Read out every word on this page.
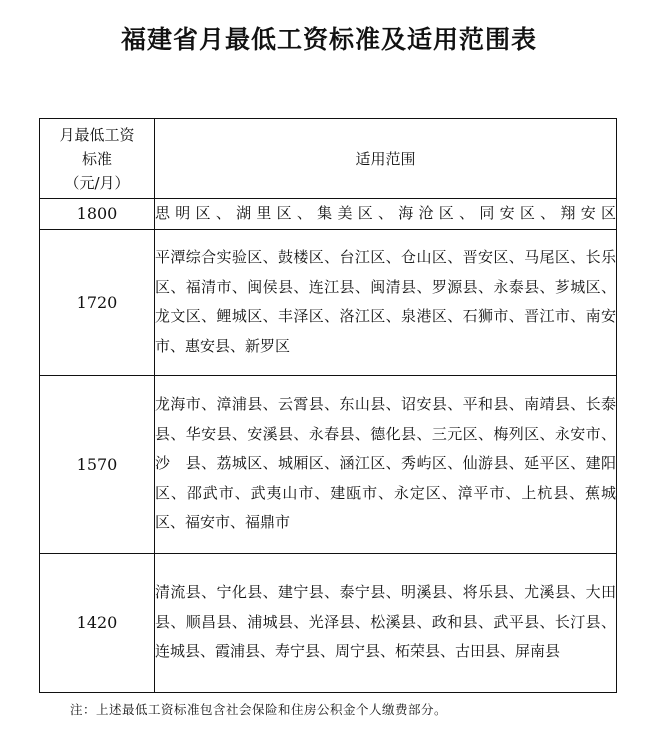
福建省月最低工资标准及适用范围表
月最低工资
标准
（元/月）	适用范围
1800	思明区、湖里区、集美区、海沧区、同安区、翔安区
1720	平潭综合实验区、鼓楼区、台江区、仓山区、晋安区、马尾区、长乐区、福清市、闽侯县、连江县、闽清县、罗源县、永泰县、芗城区、龙文区、鲤城区、丰泽区、洛江区、泉港区、石狮市、晋江市、南安市、惠安县、新罗区
1570	龙海市、漳浦县、云霄县、东山县、诏安县、平和县、南靖县、长泰县、华安县、安溪县、永春县、德化县、三元区、梅列区、永安市、沙　县、荔城区、城厢区、涵江区、秀屿区、仙游县、延平区、建阳区、邵武市、武夷山市、建瓯市、永定区、漳平市、上杭县、蕉城区、福安市、福鼎市
1420	清流县、宁化县、建宁县、泰宁县、明溪县、将乐县、尤溪县、大田县、顺昌县、浦城县、光泽县、松溪县、政和县、武平县、长汀县、连城县、霞浦县、寿宁县、周宁县、柘荣县、古田县、屏南县
注：上述最低工资标准包含社会保险和住房公积金个人缴费部分。
